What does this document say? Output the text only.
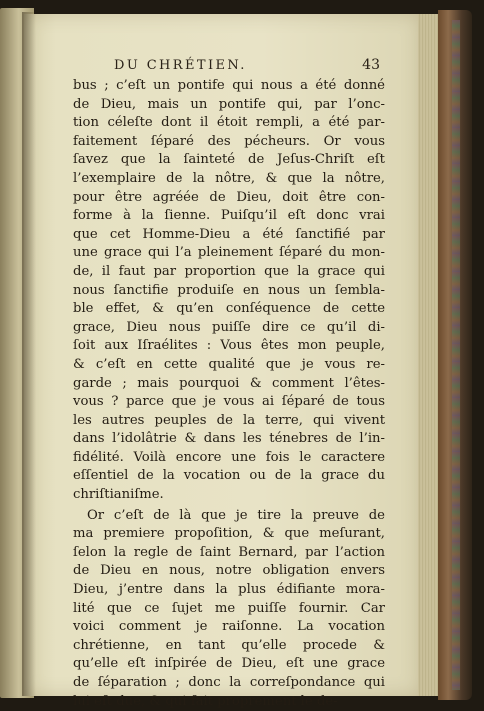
DU CHRÉTIEN.	43
bus ; c’eſt un pontife qui nous a été donné
de Dieu, mais un pontife qui, par l’onc-
tion céleſte dont il étoit rempli, a été par-
faitement ſéparé des pécheurs. Or vous
ſavez que la ſainteté de Jeſus-Chriſt eſt
l’exemplaire de la nôtre, & que la nôtre,
pour être agréée de Dieu, doit être con-
forme à la ſienne. Puiſqu’il eſt donc vrai
que cet Homme-Dieu a été ſanctifié par
une grace qui l’a pleinement ſéparé du mon-
de, il faut par proportion que la grace qui
nous ſanctifie produiſe en nous un ſembla-
ble effet, & qu’en conſéquence de cette
grace, Dieu nous puiſſe dire ce qu’il di-
ſoit aux Iſraélites : Vous êtes mon peuple,
& c’eſt en cette qualité que je vous re-
garde ; mais pourquoi & comment l’êtes-
vous ? parce que je vous ai ſéparé de tous
les autres peuples de la terre, qui vivent
dans l’idolâtrie & dans les ténebres de l’in-
fidélité. Voilà encore une fois le caractere
eſſentiel de la vocation ou de la grace du
chriſtianiſme.
Or c’eſt de là que je tire la preuve de
ma premiere propoſition, & que meſurant,
ſelon la regle de ſaint Bernard, par l’action
de Dieu en nous, notre obligation envers
Dieu, j’entre dans la plus édifiante mora-
lité que ce ſujet me puiſſe fournir. Car
voici comment je raiſonne. La vocation
chrétienne, en tant qu’elle procede &
qu’elle eſt inſpirée de Dieu, eſt une grace
de ſéparation ; donc la correſpondance qui
lui eſt due, & qui fait proprement le de-
